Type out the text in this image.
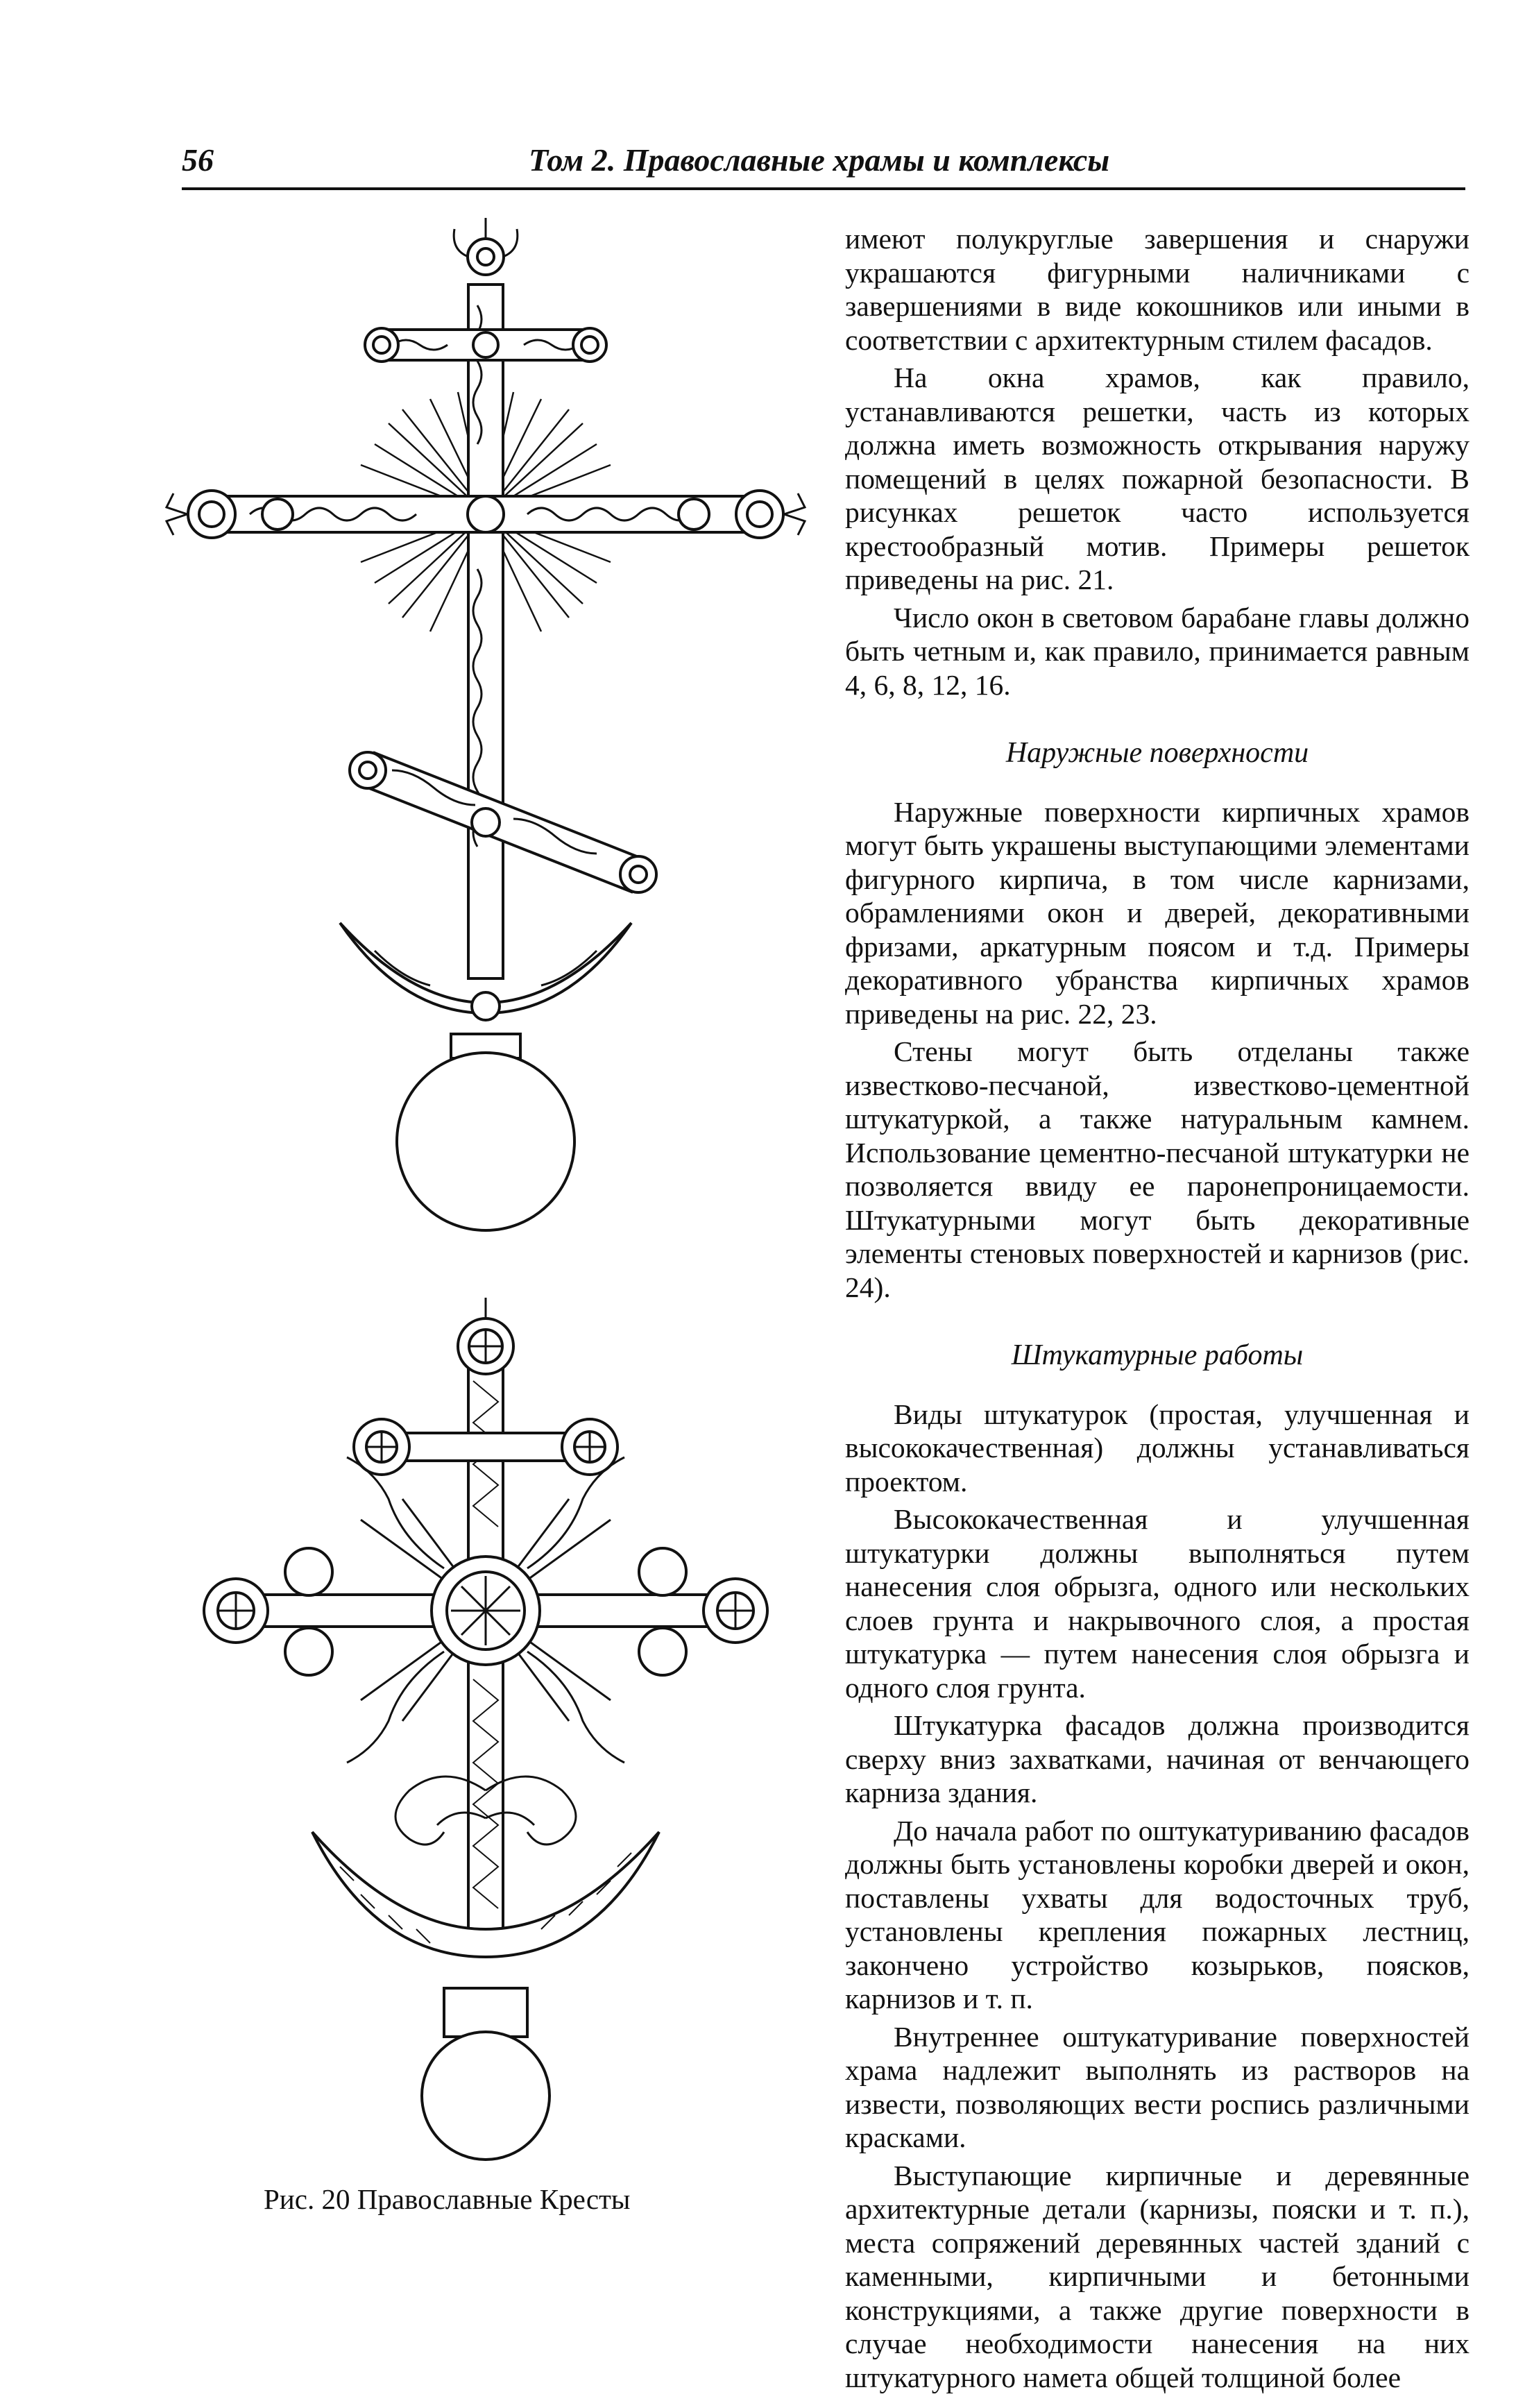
56	Том 2. Православные храмы и комплексы
Рис. 20 Православные Кресты

имеют полукруглые завершения и снаружи украшаются фигурными наличниками с завершениями в виде кокошников или иными в соответствии с архитектурным стилем фасадов.

На окна храмов, как правило, устанавливаются решетки, часть из которых должна иметь возможность открывания наружу помещений в целях пожарной безопасности. В рисунках решеток часто используется крестообразный мотив. Примеры решеток приведены на рис. 21.

Число окон в световом барабане главы должно быть четным и, как правило, принимается равным 4, 6, 8, 12, 16.

Наружные поверхности

Наружные поверхности кирпичных храмов могут быть украшены выступающими элементами фигурного кирпича, в том числе карнизами, обрамлениями окон и дверей, декоративными фризами, аркатурным поясом и т.д. Примеры декоративного убранства кирпичных храмов приведены на рис. 22, 23.

Стены могут быть отделаны также известково-песчаной, известково-цементной штукатуркой, а также натуральным камнем. Использование цементно-песчаной штукатурки не позволяется ввиду ее паронепроницаемости. Штукатурными могут быть декоративные элементы стеновых поверхностей и карнизов (рис. 24).

Штукатурные работы

Виды штукатурок (простая, улучшенная и высококачественная) должны устанавливаться проектом.

Высококачественная и улучшенная штукатурки должны выполняться путем нанесения слоя обрызга, одного или нескольких слоев грунта и накрывочного слоя, а простая штукатурка — путем нанесения слоя обрызга и одного слоя грунта.

Штукатурка фасадов должна производится сверху вниз захватками, начиная от венчающего карниза здания.

До начала работ по оштукатуриванию фасадов должны быть установлены коробки дверей и окон, поставлены ухваты для водосточных труб, установлены крепления пожарных лестниц, закончено устройство козырьков, поясков, карнизов и т. п.

Внутреннее оштукатуривание поверхностей храма надлежит выполнять из растворов на извести, позволяющих вести роспись различными красками.

Выступающие кирпичные и деревянные архитектурные детали (карнизы, пояски и т. п.), места сопряжений деревянных частей зданий с каменными, кирпичными и бетонными конструкциями, а также другие поверхности в случае необходимости нанесения на них штукатурного намета общей толщиной более
